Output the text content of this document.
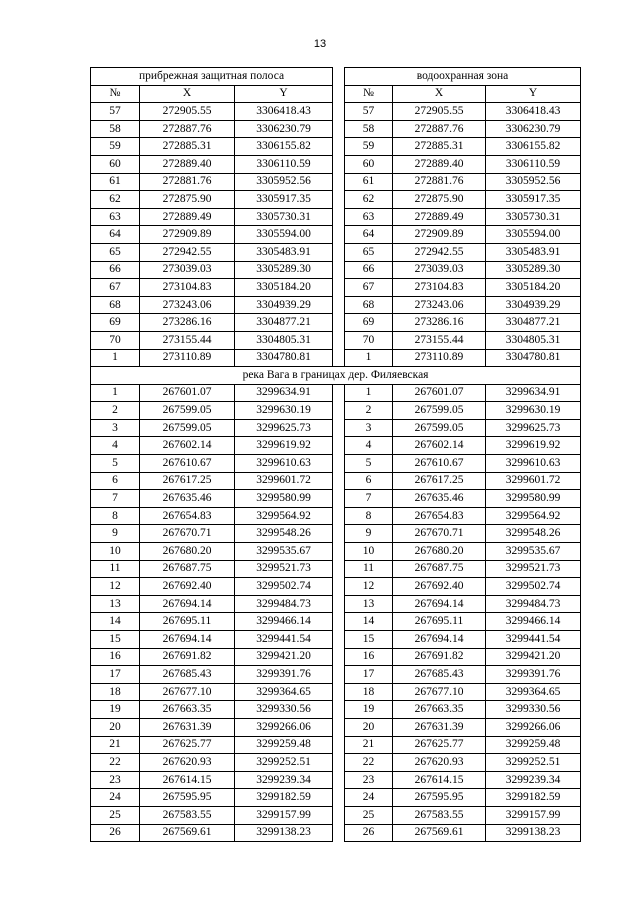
13
прибрежная защитная полоса				водоохранная зона		
№	X	Y		№	X	Y
57	272905.55	3306418.43		57	272905.55	3306418.43
58	272887.76	3306230.79		58	272887.76	3306230.79
59	272885.31	3306155.82		59	272885.31	3306155.82
60	272889.40	3306110.59		60	272889.40	3306110.59
61	272881.76	3305952.56		61	272881.76	3305952.56
62	272875.90	3305917.35		62	272875.90	3305917.35
63	272889.49	3305730.31		63	272889.49	3305730.31
64	272909.89	3305594.00		64	272909.89	3305594.00
65	272942.55	3305483.91		65	272942.55	3305483.91
66	273039.03	3305289.30		66	273039.03	3305289.30
67	273104.83	3305184.20		67	273104.83	3305184.20
68	273243.06	3304939.29		68	273243.06	3304939.29
69	273286.16	3304877.21		69	273286.16	3304877.21
70	273155.44	3304805.31		70	273155.44	3304805.31
1	273110.89	3304780.81		1	273110.89	3304780.81
река Вага в границах дер. Филяевская						
1	267601.07	3299634.91		1	267601.07	3299634.91
2	267599.05	3299630.19		2	267599.05	3299630.19
3	267599.05	3299625.73		3	267599.05	3299625.73
4	267602.14	3299619.92		4	267602.14	3299619.92
5	267610.67	3299610.63		5	267610.67	3299610.63
6	267617.25	3299601.72		6	267617.25	3299601.72
7	267635.46	3299580.99		7	267635.46	3299580.99
8	267654.83	3299564.92		8	267654.83	3299564.92
9	267670.71	3299548.26		9	267670.71	3299548.26
10	267680.20	3299535.67		10	267680.20	3299535.67
11	267687.75	3299521.73		11	267687.75	3299521.73
12	267692.40	3299502.74		12	267692.40	3299502.74
13	267694.14	3299484.73		13	267694.14	3299484.73
14	267695.11	3299466.14		14	267695.11	3299466.14
15	267694.14	3299441.54		15	267694.14	3299441.54
16	267691.82	3299421.20		16	267691.82	3299421.20
17	267685.43	3299391.76		17	267685.43	3299391.76
18	267677.10	3299364.65		18	267677.10	3299364.65
19	267663.35	3299330.56		19	267663.35	3299330.56
20	267631.39	3299266.06		20	267631.39	3299266.06
21	267625.77	3299259.48		21	267625.77	3299259.48
22	267620.93	3299252.51		22	267620.93	3299252.51
23	267614.15	3299239.34		23	267614.15	3299239.34
24	267595.95	3299182.59		24	267595.95	3299182.59
25	267583.55	3299157.99		25	267583.55	3299157.99
26	267569.61	3299138.23		26	267569.61	3299138.23
